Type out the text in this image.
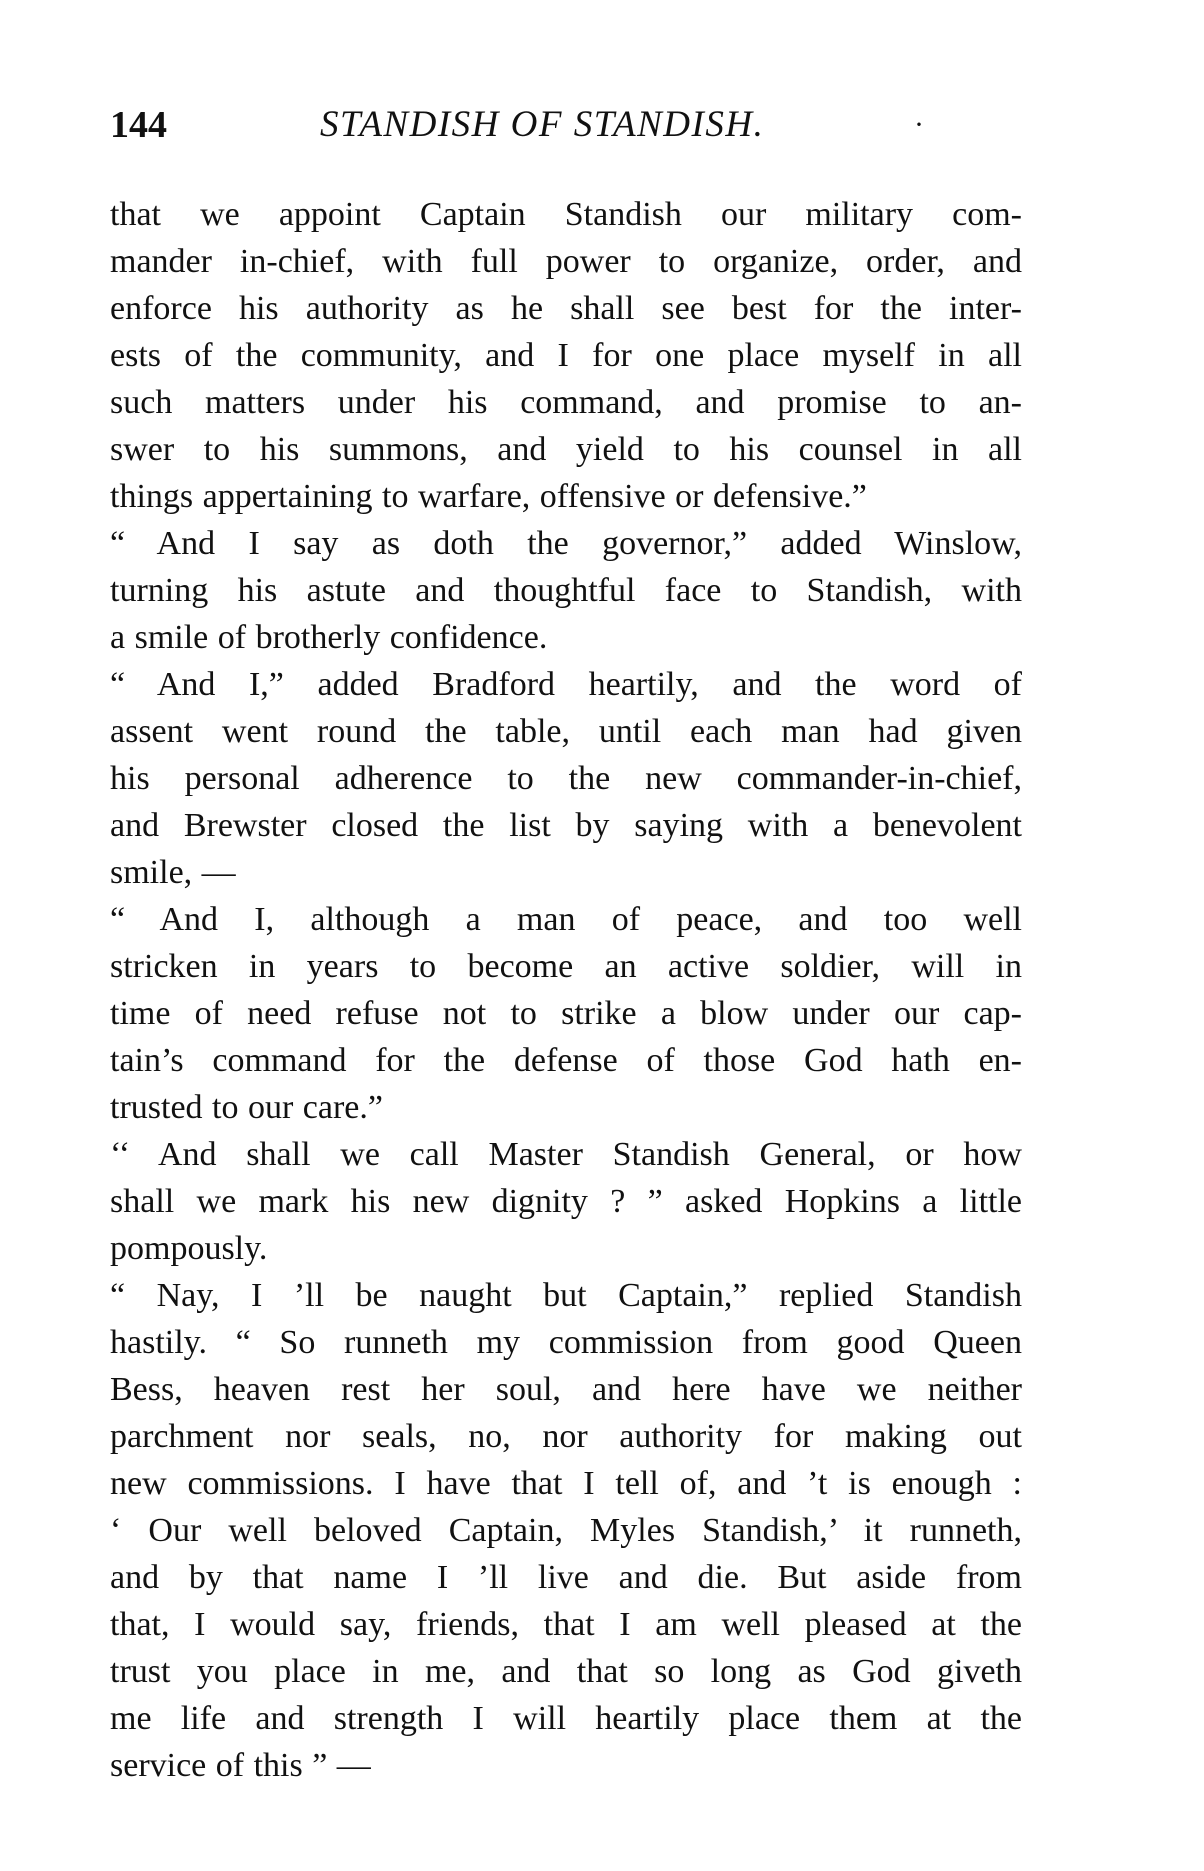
144	STANDISH OF STANDISH.	·
that we appoint Captain Standish our military com-
mander in-chief, with full power to organize, order, and
enforce his authority as he shall see best for the inter-
ests of the community, and I for one place myself in all
such matters under his command, and promise to an-
swer to his summons, and yield to his counsel in all
things appertaining to warfare, offensive or defensive.”
“ And I say as doth the governor,” added Winslow,
turning his astute and thoughtful face to Standish, with
a smile of brotherly confidence.
“ And I,” added Bradford heartily, and the word of
assent went round the table, until each man had given
his personal adherence to the new commander-in-chief,
and Brewster closed the list by saying with a benevolent
smile, —
“ And I, although a man of peace, and too well
stricken in years to become an active soldier, will in
time of need refuse not to strike a blow under our cap-
tain’s command for the defense of those God hath en-
trusted to our care.”
‘‘ And shall we call Master Standish General, or how
shall we mark his new dignity ? ” asked Hopkins a little
pompously.
“ Nay, I ’ll be naught but Captain,” replied Standish
hastily. “ So runneth my commission from good Queen
Bess, heaven rest her soul, and here have we neither
parchment nor seals, no, nor authority for making out
new commissions. I have that I tell of, and ’t is enough :
‘ Our well beloved Captain, Myles Standish,’ it runneth,
and by that name I ’ll live and die. But aside from
that, I would say, friends, that I am well pleased at the
trust you place in me, and that so long as God giveth
me life and strength I will heartily place them at the
service of this ” —
